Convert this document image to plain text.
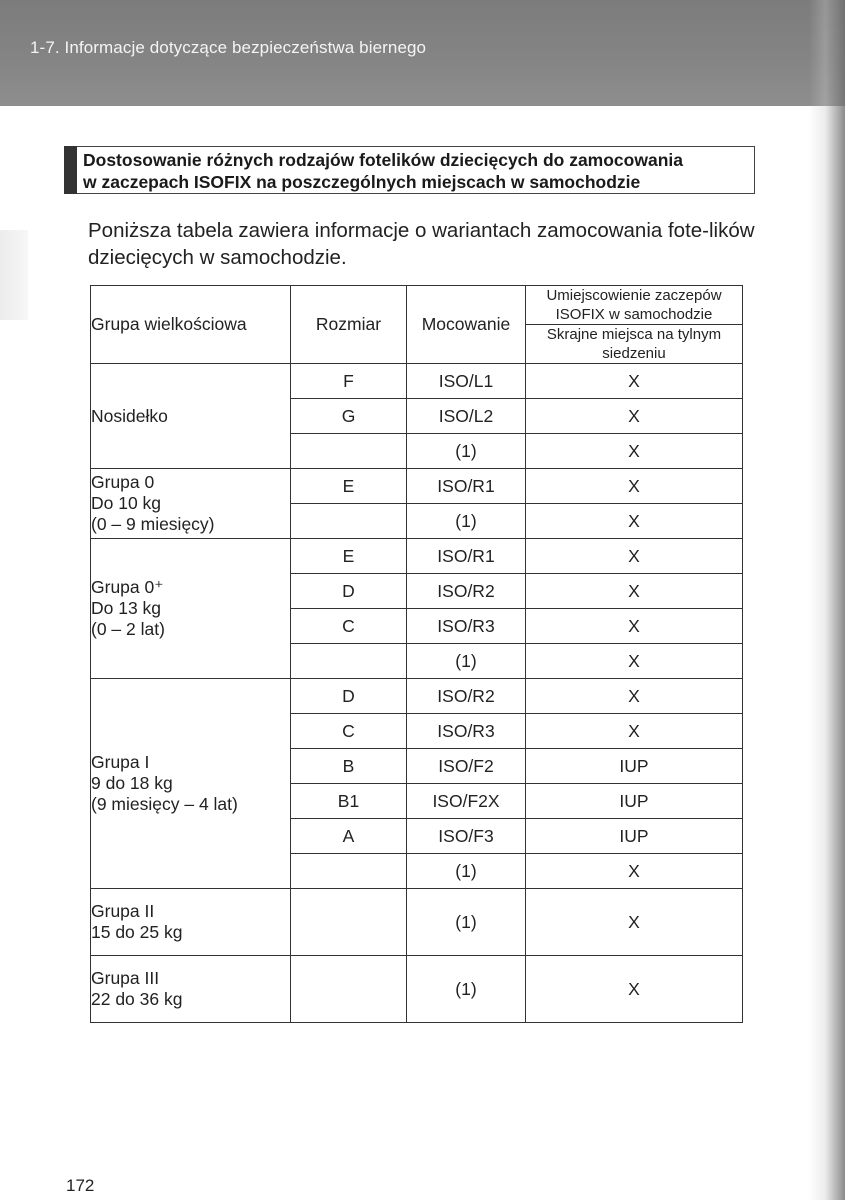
1-7. Informacje dotyczące bezpieczeństwa biernego
Dostosowanie różnych rodzajów fotelików dziecięcych do zamocowania
w zaczepach ISOFIX na poszczególnych miejscach w samochodzie
Poniższa tabela zawiera informacje o wariantach zamocowania fote-lików dziecięcych w samochodzie.
Grupa wielkościowa	Rozmiar	Mocowanie	Umiejscowienie zaczepów ISOFIX w samochodzie
			Skrajne miejsca na tylnym siedzeniu

Nosidełko	F	ISO/L1	X
	G	ISO/L2	X
		(1)	X

Grupa 0
Do 10 kg
(0 – 9 miesięcy)	E	ISO/R1	X
		(1)	X

Grupa 0⁺
Do 13 kg
(0 – 2 lat)	E	ISO/R1	X
	D	ISO/R2	X
	C	ISO/R3	X
		(1)	X

Grupa I
9 do 18 kg
(9 miesięcy – 4 lat)	D	ISO/R2	X
	C	ISO/R3	X
	B	ISO/F2	IUP
	B1	ISO/F2X	IUP
	A	ISO/F3	IUP
		(1)	X

Grupa II
15 do 25 kg		(1)	X

Grupa III
22 do 36 kg		(1)	X
172
